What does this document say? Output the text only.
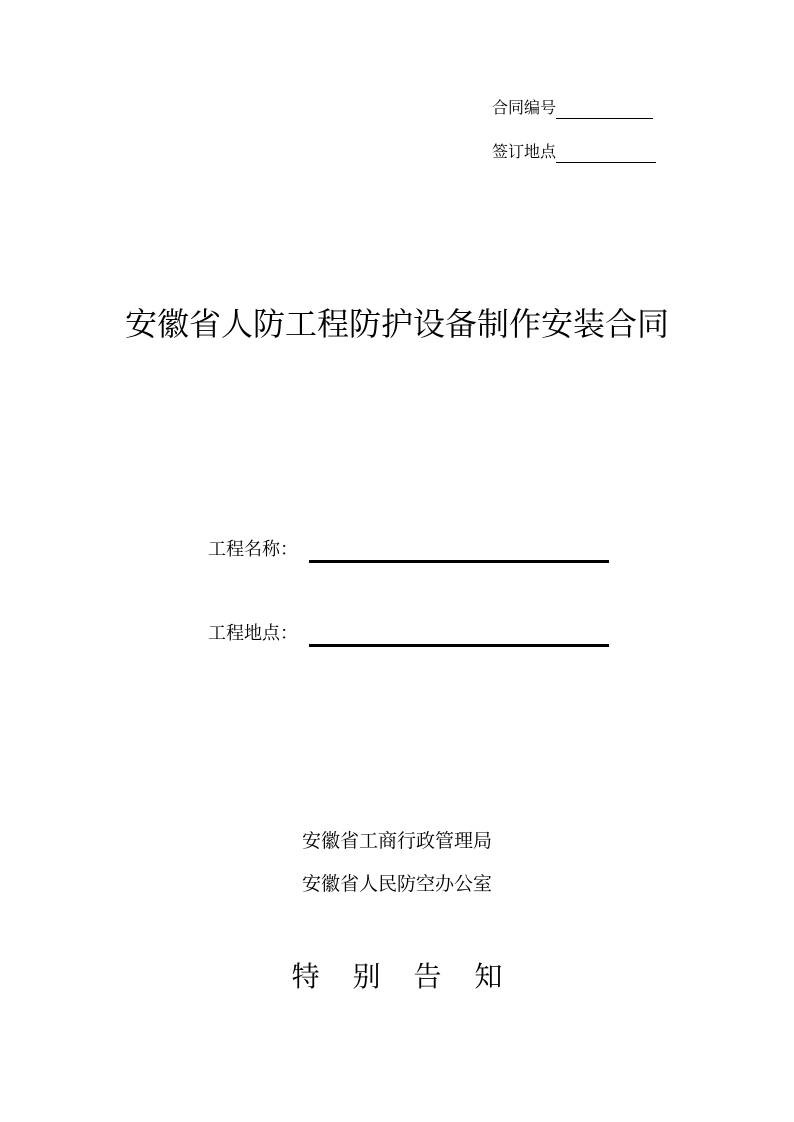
合同编号
签订地点
安徽省人防工程防护设备制作安装合同
工程名称：
工程地点：
安徽省工商行政管理局
安徽省人民防空办公室
特 别 告 知
